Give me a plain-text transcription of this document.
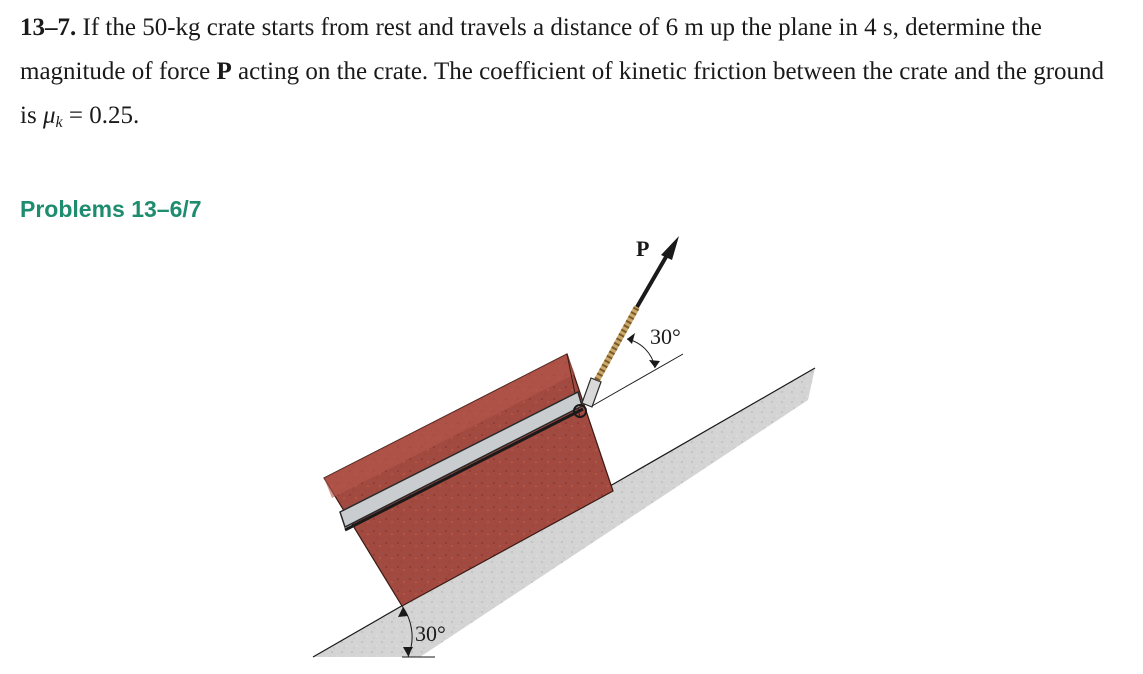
13–7. If the 50-kg crate starts from rest and travels a distance of 6 m up the plane in 4 s, determine the magnitude of force P acting on the crate. The coefficient of kinetic friction between the crate and the ground is μk = 0.25.
Problems 13–6/7
P
30°
30°
